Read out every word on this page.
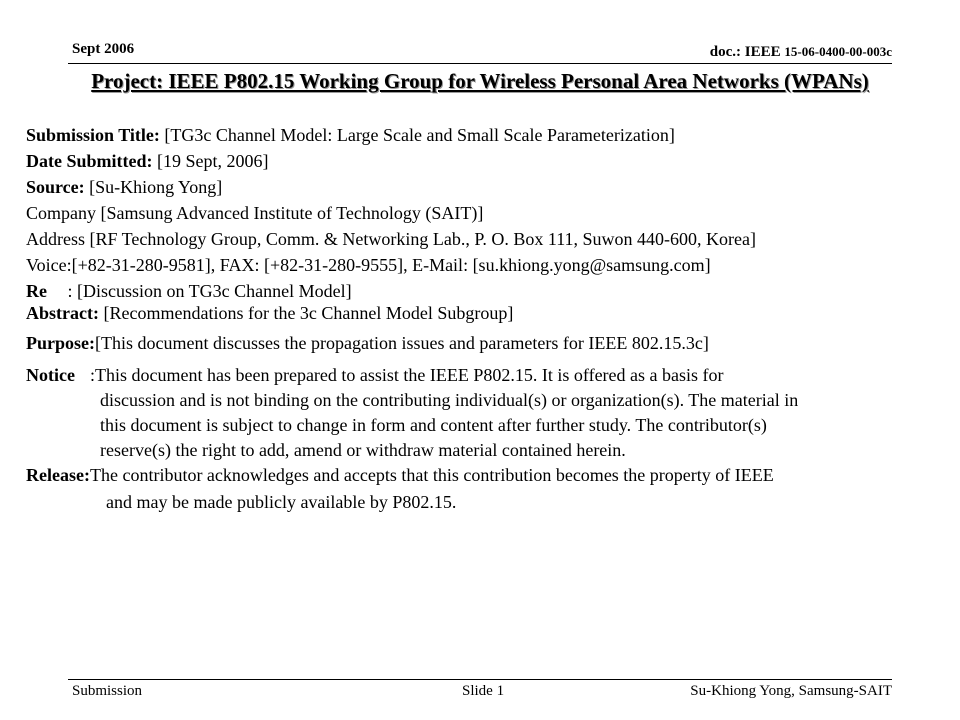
Sept 2006	doc.: IEEE 15-06-0400-00-003c
Project: IEEE P802.15 Working Group for Wireless Personal Area Networks (WPANs)
Submission Title: [TG3c Channel Model: Large Scale and Small Scale Parameterization]
Date Submitted: [19 Sept, 2006]
Source: [Su-Khiong Yong]
Company [Samsung Advanced Institute of Technology (SAIT)]
Address [RF Technology Group, Comm. & Networking Lab., P. O. Box 111, Suwon 440-600, Korea]
Voice:[+82-31-280-9581], FAX: [+82-31-280-9555], E-Mail: [su.khiong.yong@samsung.com]
Re : [Discussion on TG3c Channel Model]
Abstract: [Recommendations for the 3c Channel Model Subgroup]
Purpose:[This document discusses the propagation issues and parameters for IEEE 802.15.3c]
Notice :This document has been prepared to assist the IEEE P802.15. It is offered as a basis for
discussion and is not binding on the contributing individual(s) or organization(s). The material in
this document is subject to change in form and content after further study. The contributor(s)
reserve(s) the right to add, amend or withdraw material contained herein.
Release:The contributor acknowledges and accepts that this contribution becomes the property of IEEE
and may be made publicly available by P802.15.
Submission	Slide 1	Su-Khiong Yong, Samsung-SAIT
